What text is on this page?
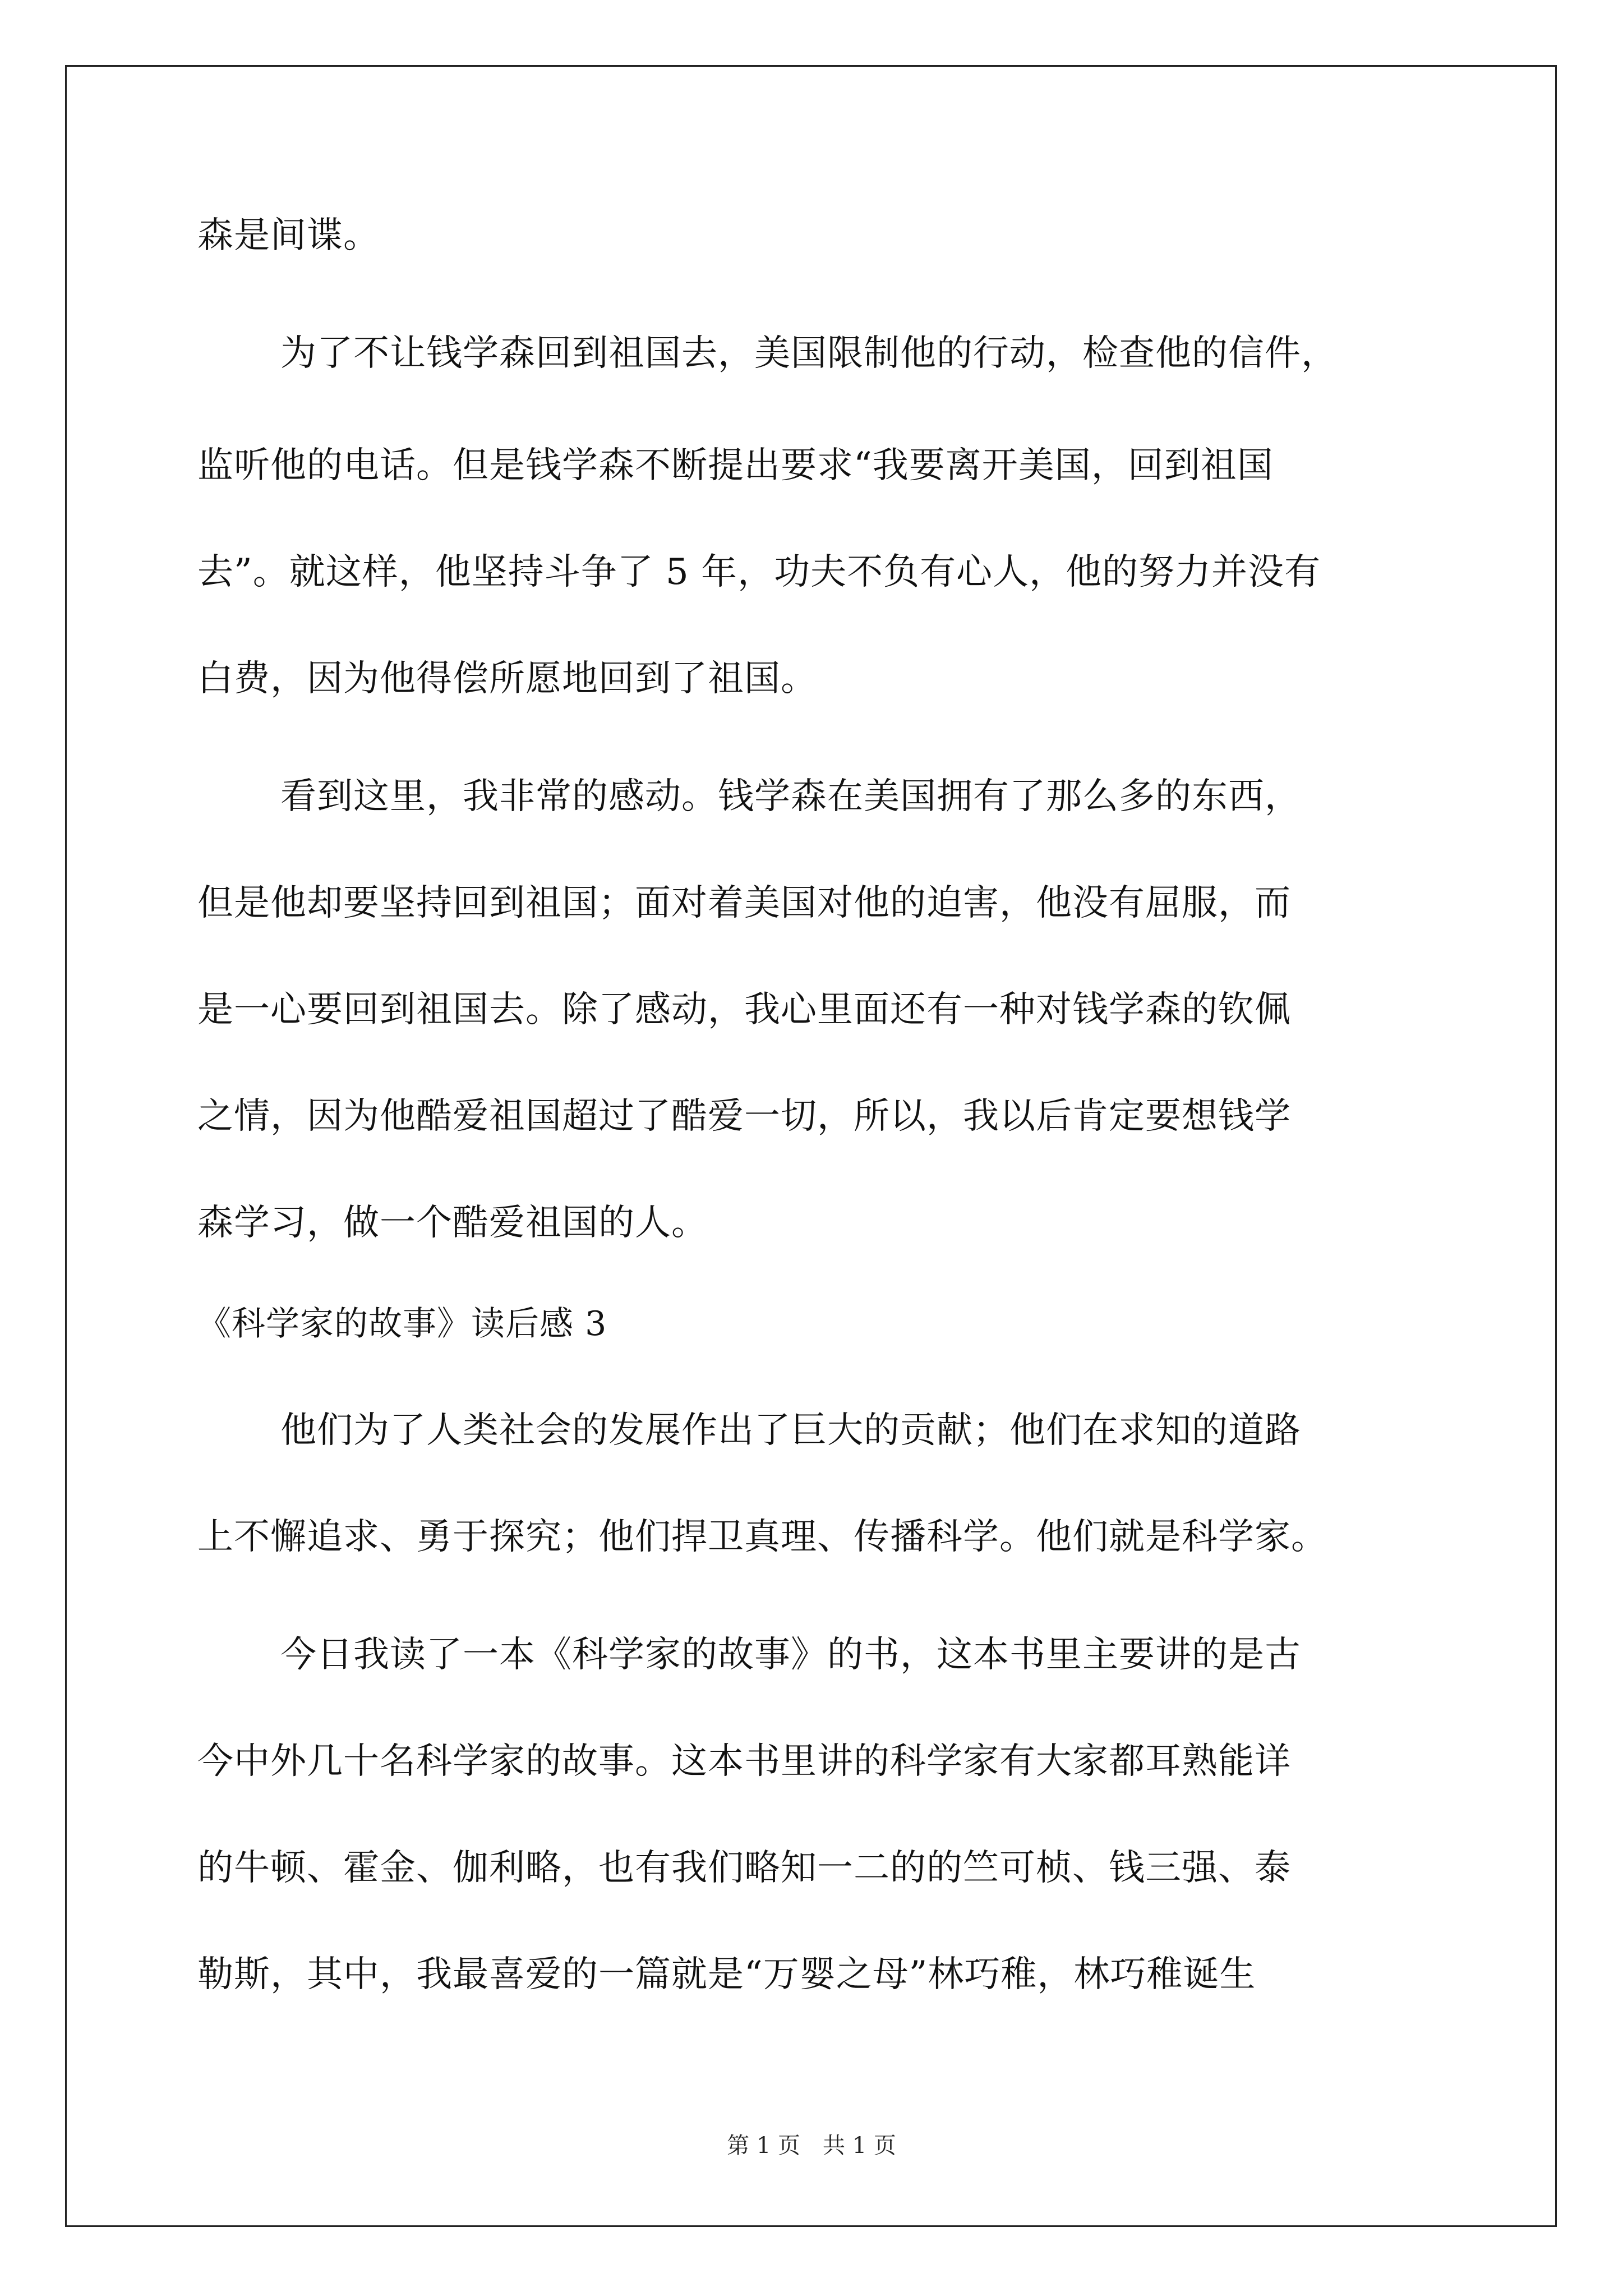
森是间谍。
为了不让钱学森回到祖国去，美国限制他的行动，检查他的信件，
监听他的电话。但是钱学森不断提出要求“我要离开美国，回到祖国
去”。就这样，他坚持斗争了 5 年，功夫不负有心人，他的努力并没有
白费，因为他得偿所愿地回到了祖国。
看到这里，我非常的感动。钱学森在美国拥有了那么多的东西，
但是他却要坚持回到祖国；面对着美国对他的迫害，他没有屈服，而
是一心要回到祖国去。除了感动，我心里面还有一种对钱学森的钦佩
之情，因为他酷爱祖国超过了酷爱一切，所以，我以后肯定要想钱学
森学习，做一个酷爱祖国的人。
《科学家的故事》读后感 3
他们为了人类社会的发展作出了巨大的贡献；他们在求知的道路
上不懈追求、勇于探究；他们捍卫真理、传播科学。他们就是科学家。
今日我读了一本《科学家的故事》的书，这本书里主要讲的是古
今中外几十名科学家的故事。这本书里讲的科学家有大家都耳熟能详
的牛顿、霍金、伽利略，也有我们略知一二的的竺可桢、钱三强、泰
勒斯，其中，我最喜爱的一篇就是“万婴之母”林巧稚，林巧稚诞生
第 1 页　共 1 页
